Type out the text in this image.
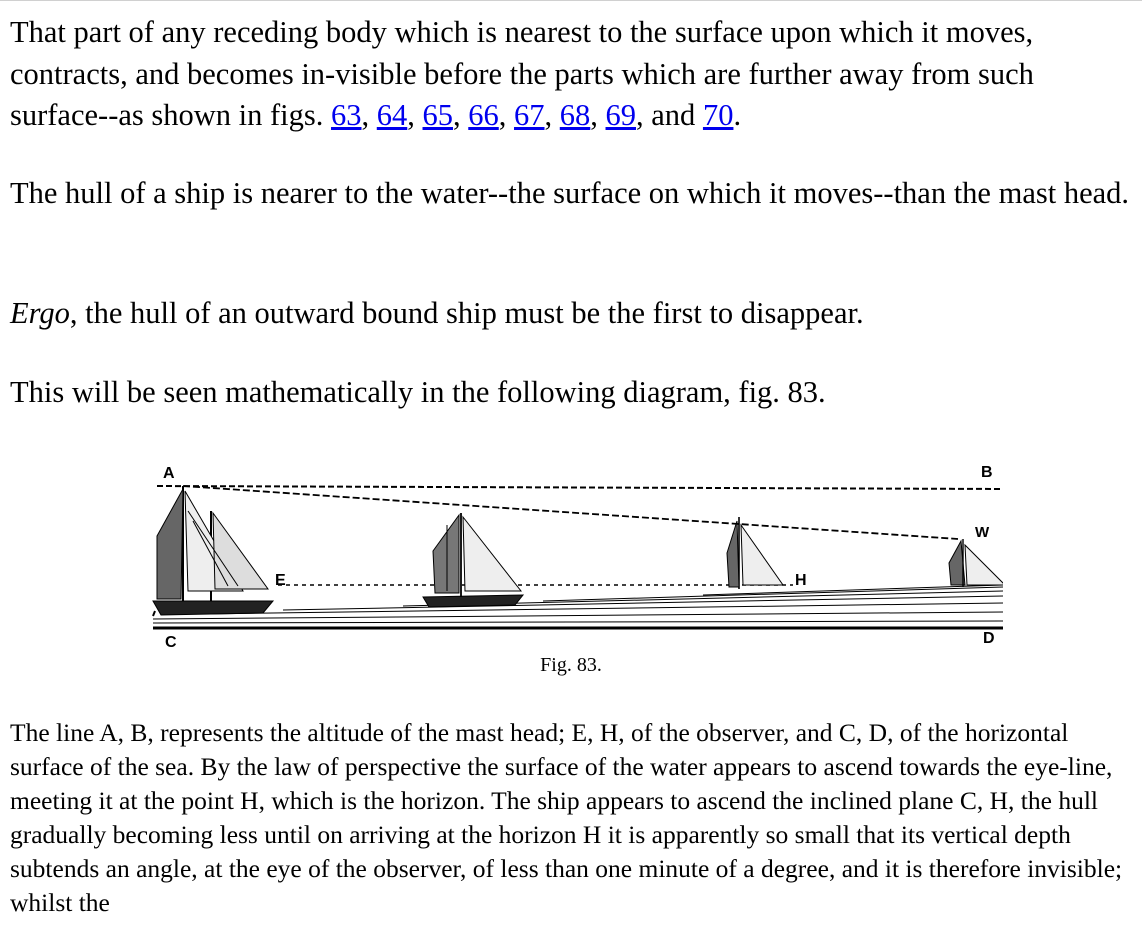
That part of any receding body which is nearest to the surface upon which it moves, contracts, and becomes in-visible before the parts which are further away from such surface--as shown in figs. 63, 64, 65, 66, 67, 68, 69, and 70.

The hull of a ship is nearer to the water--the surface on which it moves--than the mast head.

Ergo, the hull of an outward bound ship must be the first to disappear.

This will be seen mathematically in the following diagram, fig. 83.

A	B
C	D
E	H
W
Fig. 83.

The line A, B, represents the altitude of the mast head; E, H, of the observer, and C, D, of the horizontal surface of the sea. By the law of perspective the surface of the water appears to ascend towards the eye-line, meeting it at the point H, which is the horizon. The ship appears to ascend the inclined plane C, H, the hull gradually becoming less until on arriving at the horizon H it is apparently so small that its vertical depth subtends an angle, at the eye of the observer, of less than one minute of a degree, and it is therefore invisible; whilst the
